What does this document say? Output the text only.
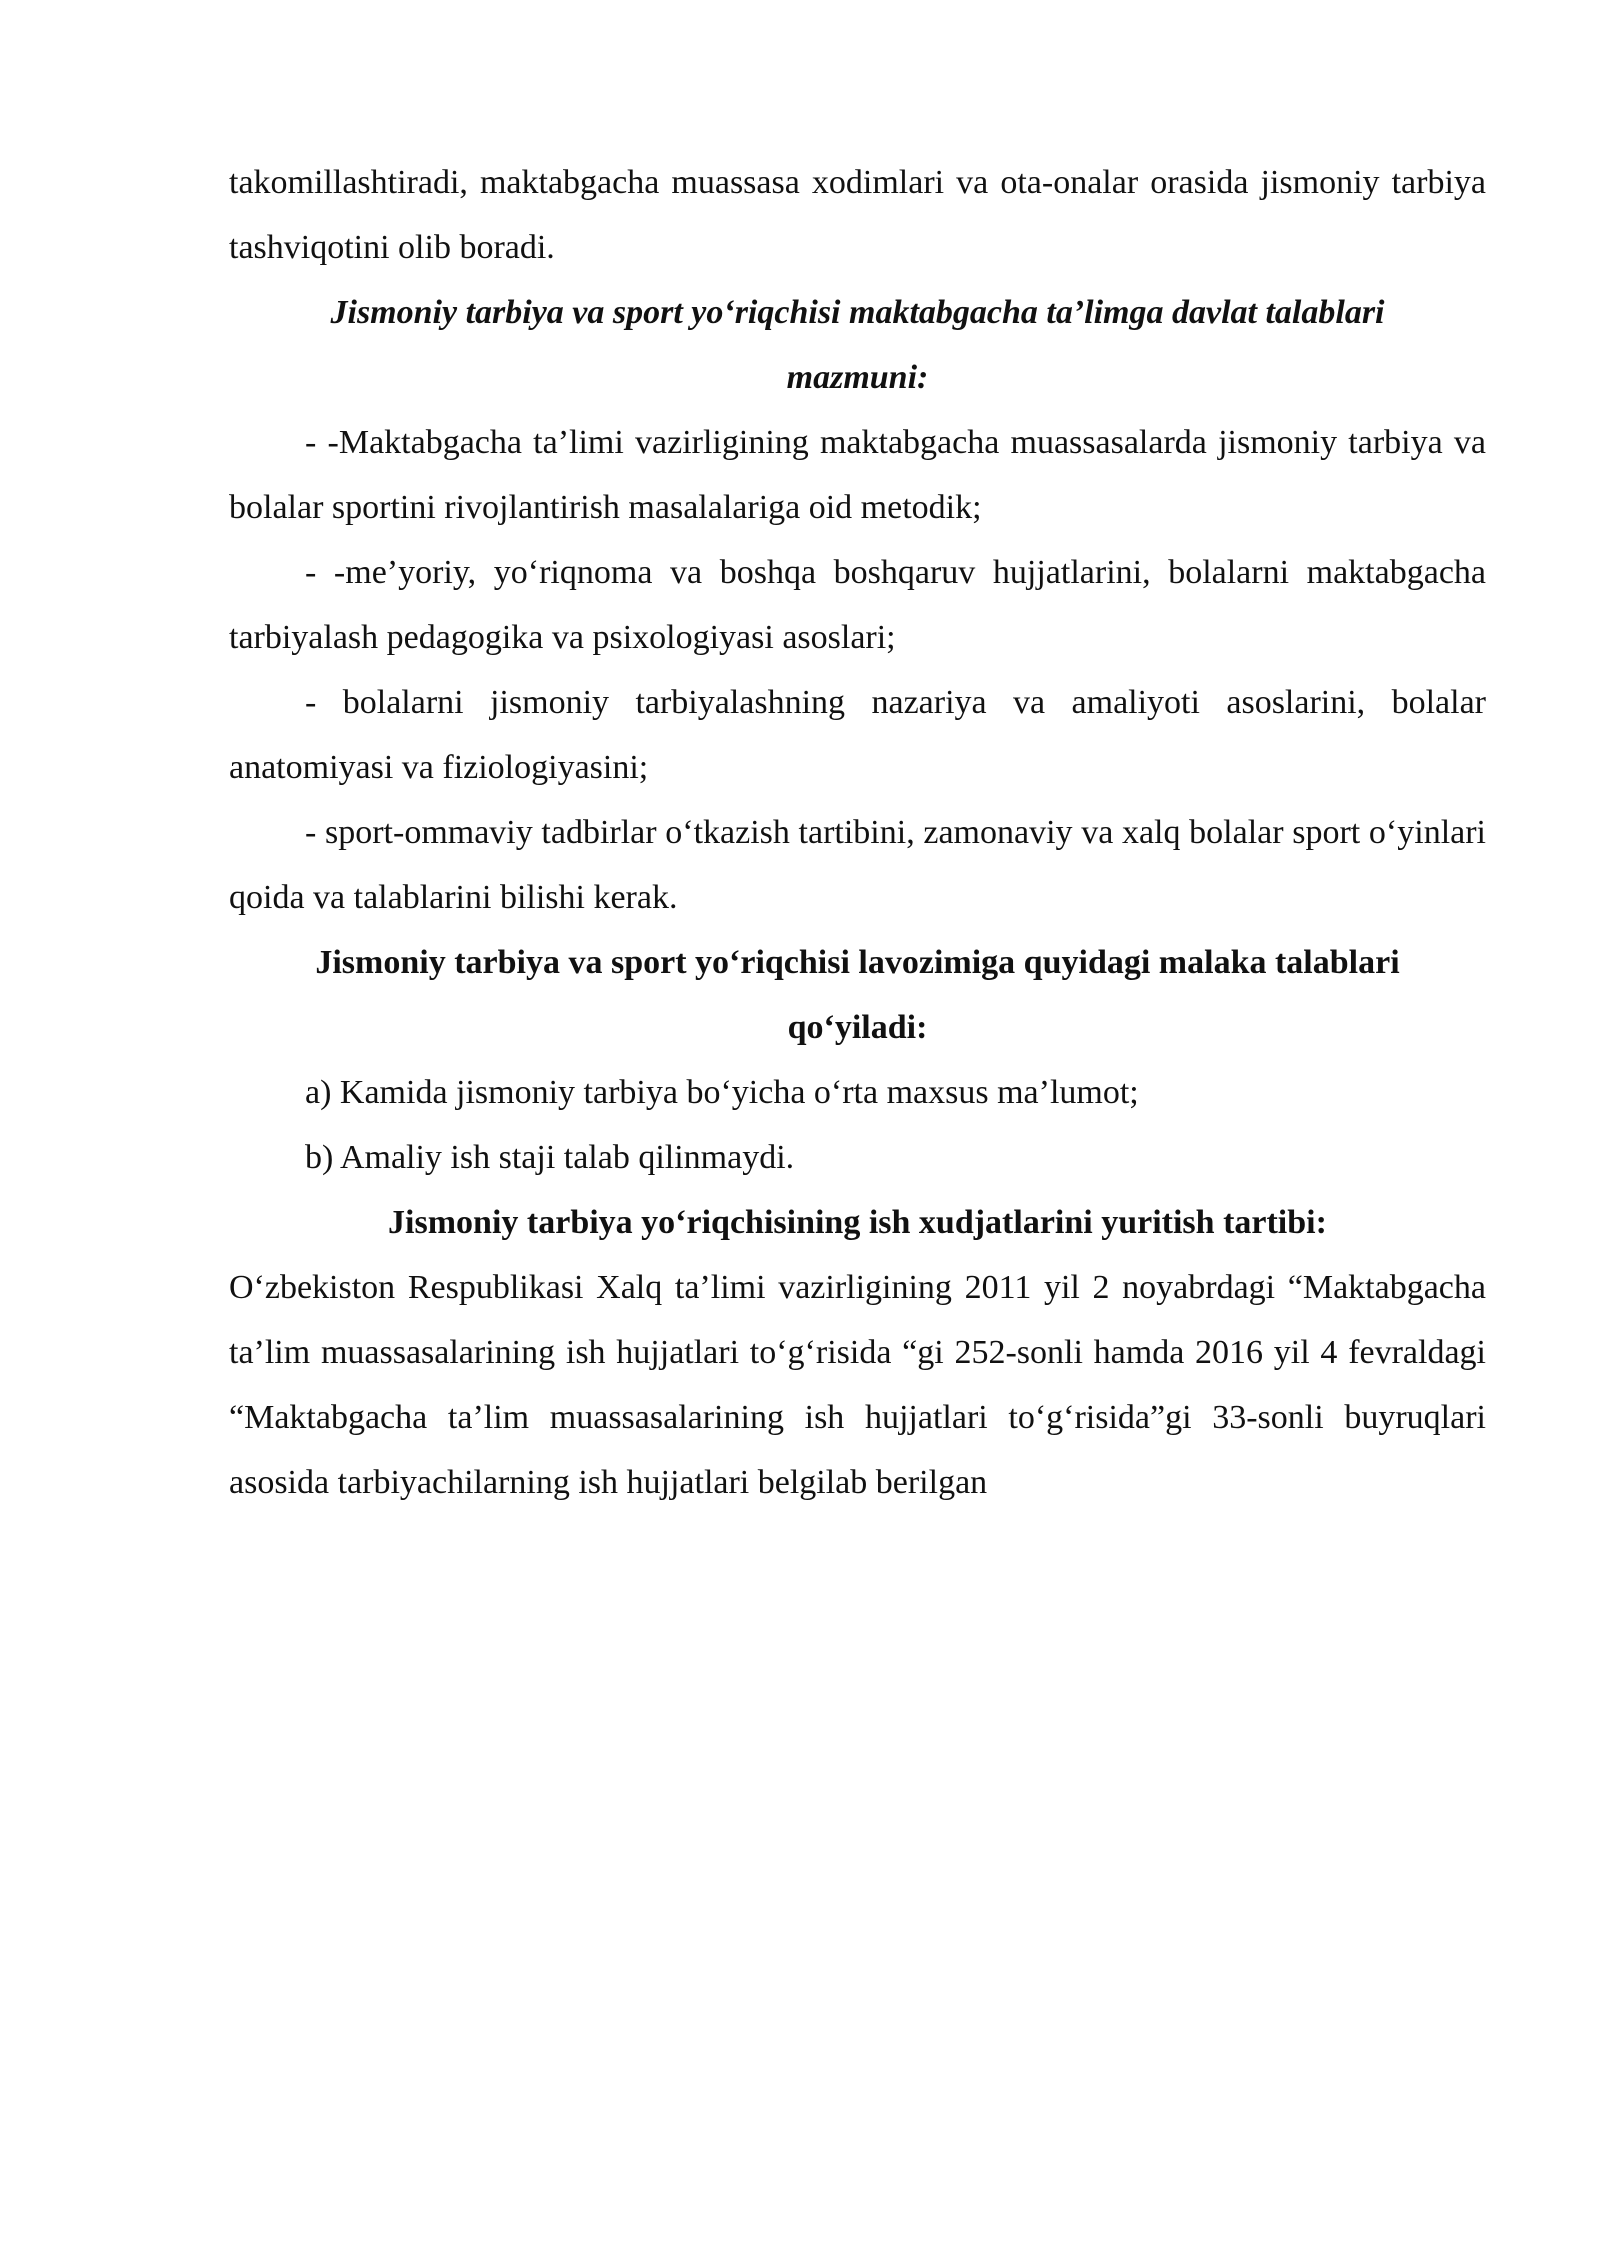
takomillashtiradi, maktabgacha muassasa xodimlari va ota-onalar orasida jismoniy tarbiya tashviqotini olib boradi.

Jismoniy tarbiya va sport yo‘riqchisi maktabgacha ta’limga davlat talablari mazmuni:

- -Maktabgacha ta’limi vazirligining maktabgacha muassasalarda jismoniy tarbiya va bolalar sportini rivojlantirish masalalariga oid metodik;

- -me’yoriy, yo‘riqnoma va boshqa boshqaruv hujjatlarini, bolalarni maktabgacha tarbiyalash pedagogika va psixologiyasi asoslari;

- bolalarni jismoniy tarbiyalashning nazariya va amaliyoti asoslarini, bolalar anatomiyasi va fiziologiyasini;

- sport-ommaviy tadbirlar o‘tkazish tartibini, zamonaviy va xalq bolalar sport o‘yinlari qoida va talablarini bilishi kerak.

Jismoniy tarbiya va sport yo‘riqchisi lavozimiga quyidagi malaka talablari qo‘yiladi:

a) Kamida jismoniy tarbiya bo‘yicha o‘rta maxsus ma’lumot;

b) Amaliy ish staji talab qilinmaydi.

Jismoniy tarbiya yo‘riqchisining ish xudjatlarini yuritish tartibi:

O‘zbekiston Respublikasi Xalq ta’limi vazirligining 2011 yil 2 noyabrdagi “Maktabgacha ta’lim muassasalarining ish hujjatlari to‘g‘risida “gi 252-sonli hamda 2016 yil 4 fevraldagi “Maktabgacha ta’lim muassasalarining ish hujjatlari to‘g‘risida”gi 33-sonli buyruqlari asosida tarbiyachilarning ish hujjatlari belgilab berilgan
